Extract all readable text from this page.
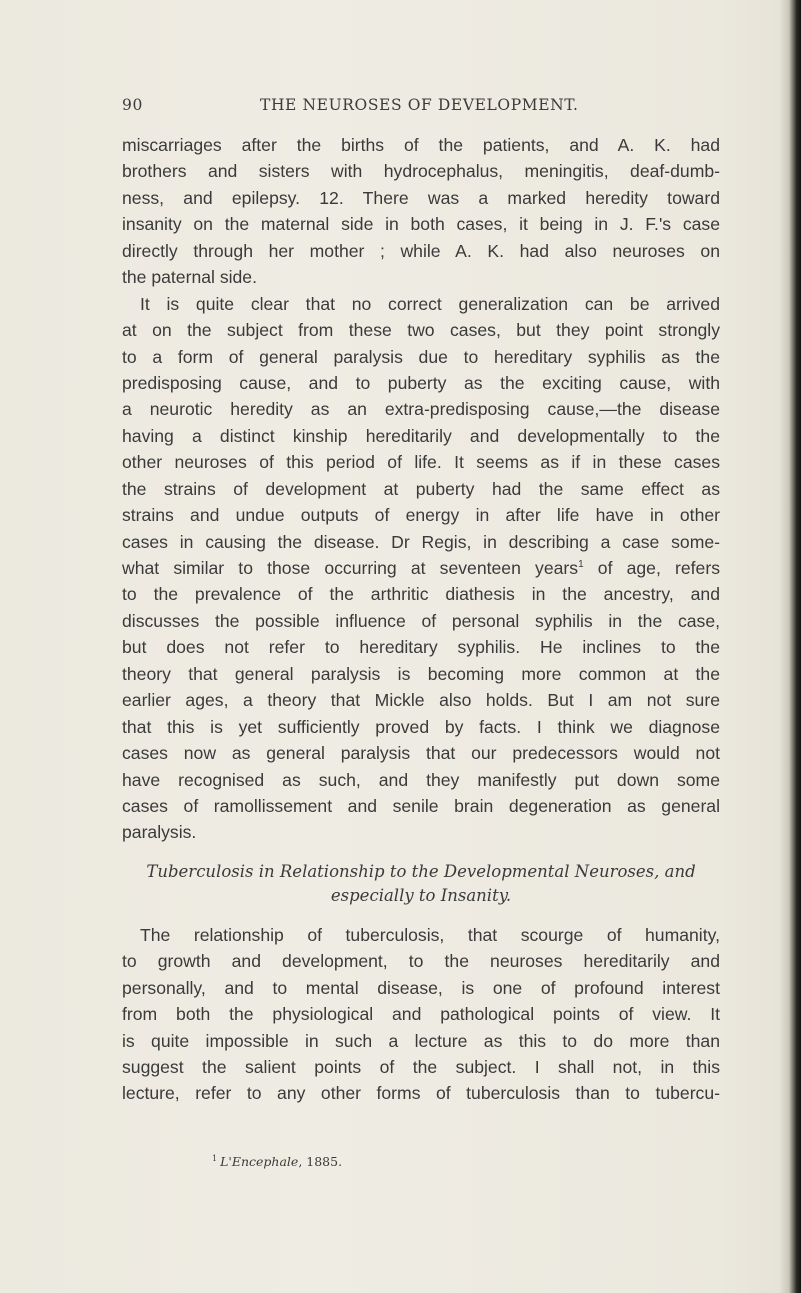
90	THE NEUROSES OF DEVELOPMENT.
miscarriages after the births of the patients, and A. K. had
brothers and sisters with hydrocephalus, meningitis, deaf-dumb-
ness, and epilepsy. 12. There was a marked heredity toward
insanity on the maternal side in both cases, it being in J. F.'s case
directly through her mother ; while A. K. had also neuroses on
the paternal side.
It is quite clear that no correct generalization can be arrived
at on the subject from these two cases, but they point strongly
to a form of general paralysis due to hereditary syphilis as the
predisposing cause, and to puberty as the exciting cause, with
a neurotic heredity as an extra-predisposing cause,—the disease
having a distinct kinship hereditarily and developmentally to the
other neuroses of this period of life. It seems as if in these cases
the strains of development at puberty had the same effect as
strains and undue outputs of energy in after life have in other
cases in causing the disease. Dr Regis, in describing a case some-
what similar to those occurring at seventeen years$^1$ of age, refers
to the prevalence of the arthritic diathesis in the ancestry, and
discusses the possible influence of personal syphilis in the case,
but does not refer to hereditary syphilis. He inclines to the
theory that general paralysis is becoming more common at the
earlier ages, a theory that Mickle also holds. But I am not sure
that this is yet sufficiently proved by facts. I think we diagnose
cases now as general paralysis that our predecessors would not
have recognised as such, and they manifestly put down some
cases of ramollissement and senile brain degeneration as general
paralysis.
Tuberculosis in Relationship to the Developmental Neuroses, and
especially to Insanity.
The relationship of tuberculosis, that scourge of humanity,
to growth and development, to the neuroses hereditarily and
personally, and to mental disease, is one of profound interest
from both the physiological and pathological points of view. It
is quite impossible in such a lecture as this to do more than
suggest the salient points of the subject. I shall not, in this
lecture, refer to any other forms of tuberculosis than to tubercu-
$^1$ L'Encephale, 1885.
